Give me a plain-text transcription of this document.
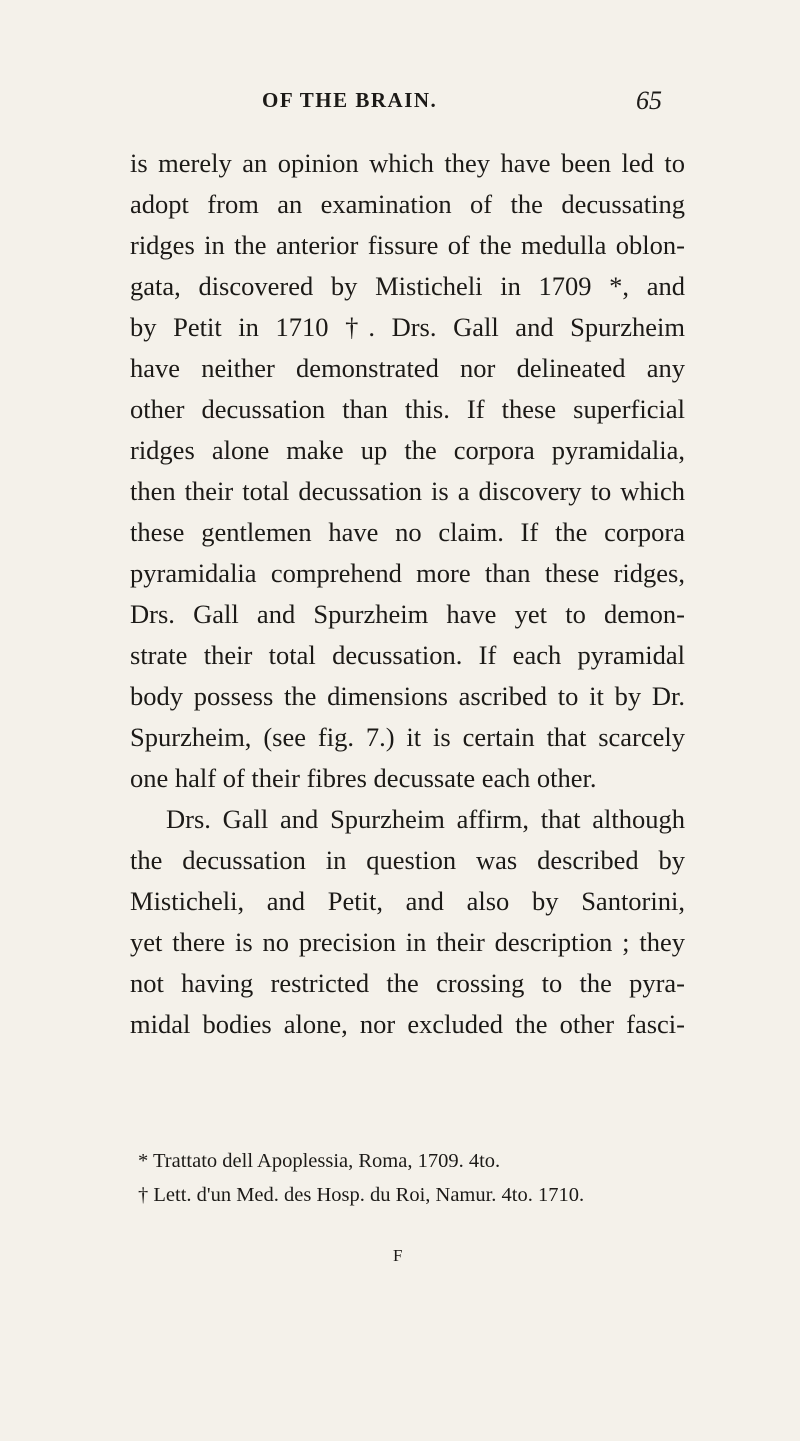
OF THE BRAIN.	65
is merely an opinion which they have been led to
adopt from an examination of the decussating
ridges in the anterior fissure of the medulla oblon-
gata, discovered by Misticheli in 1709 *, and
by Petit in 1710 †. Drs. Gall and Spurzheim
have neither demonstrated nor delineated any
other decussation than this. If these superficial
ridges alone make up the corpora pyramidalia,
then their total decussation is a discovery to which
these gentlemen have no claim. If the corpora
pyramidalia comprehend more than these ridges,
Drs. Gall and Spurzheim have yet to demon-
strate their total decussation. If each pyramidal
body possess the dimensions ascribed to it by Dr.
Spurzheim, (see fig. 7.) it is certain that scarcely
one half of their fibres decussate each other.
Drs. Gall and Spurzheim affirm, that although
the decussation in question was described by
Misticheli, and Petit, and also by Santorini,
yet there is no precision in their description ; they
not having restricted the crossing to the pyra-
midal bodies alone, nor excluded the other fasci-
* Trattato dell Apoplessia, Roma, 1709. 4to.
† Lett. d'un Med. des Hosp. du Roi, Namur. 4to. 1710.
F
